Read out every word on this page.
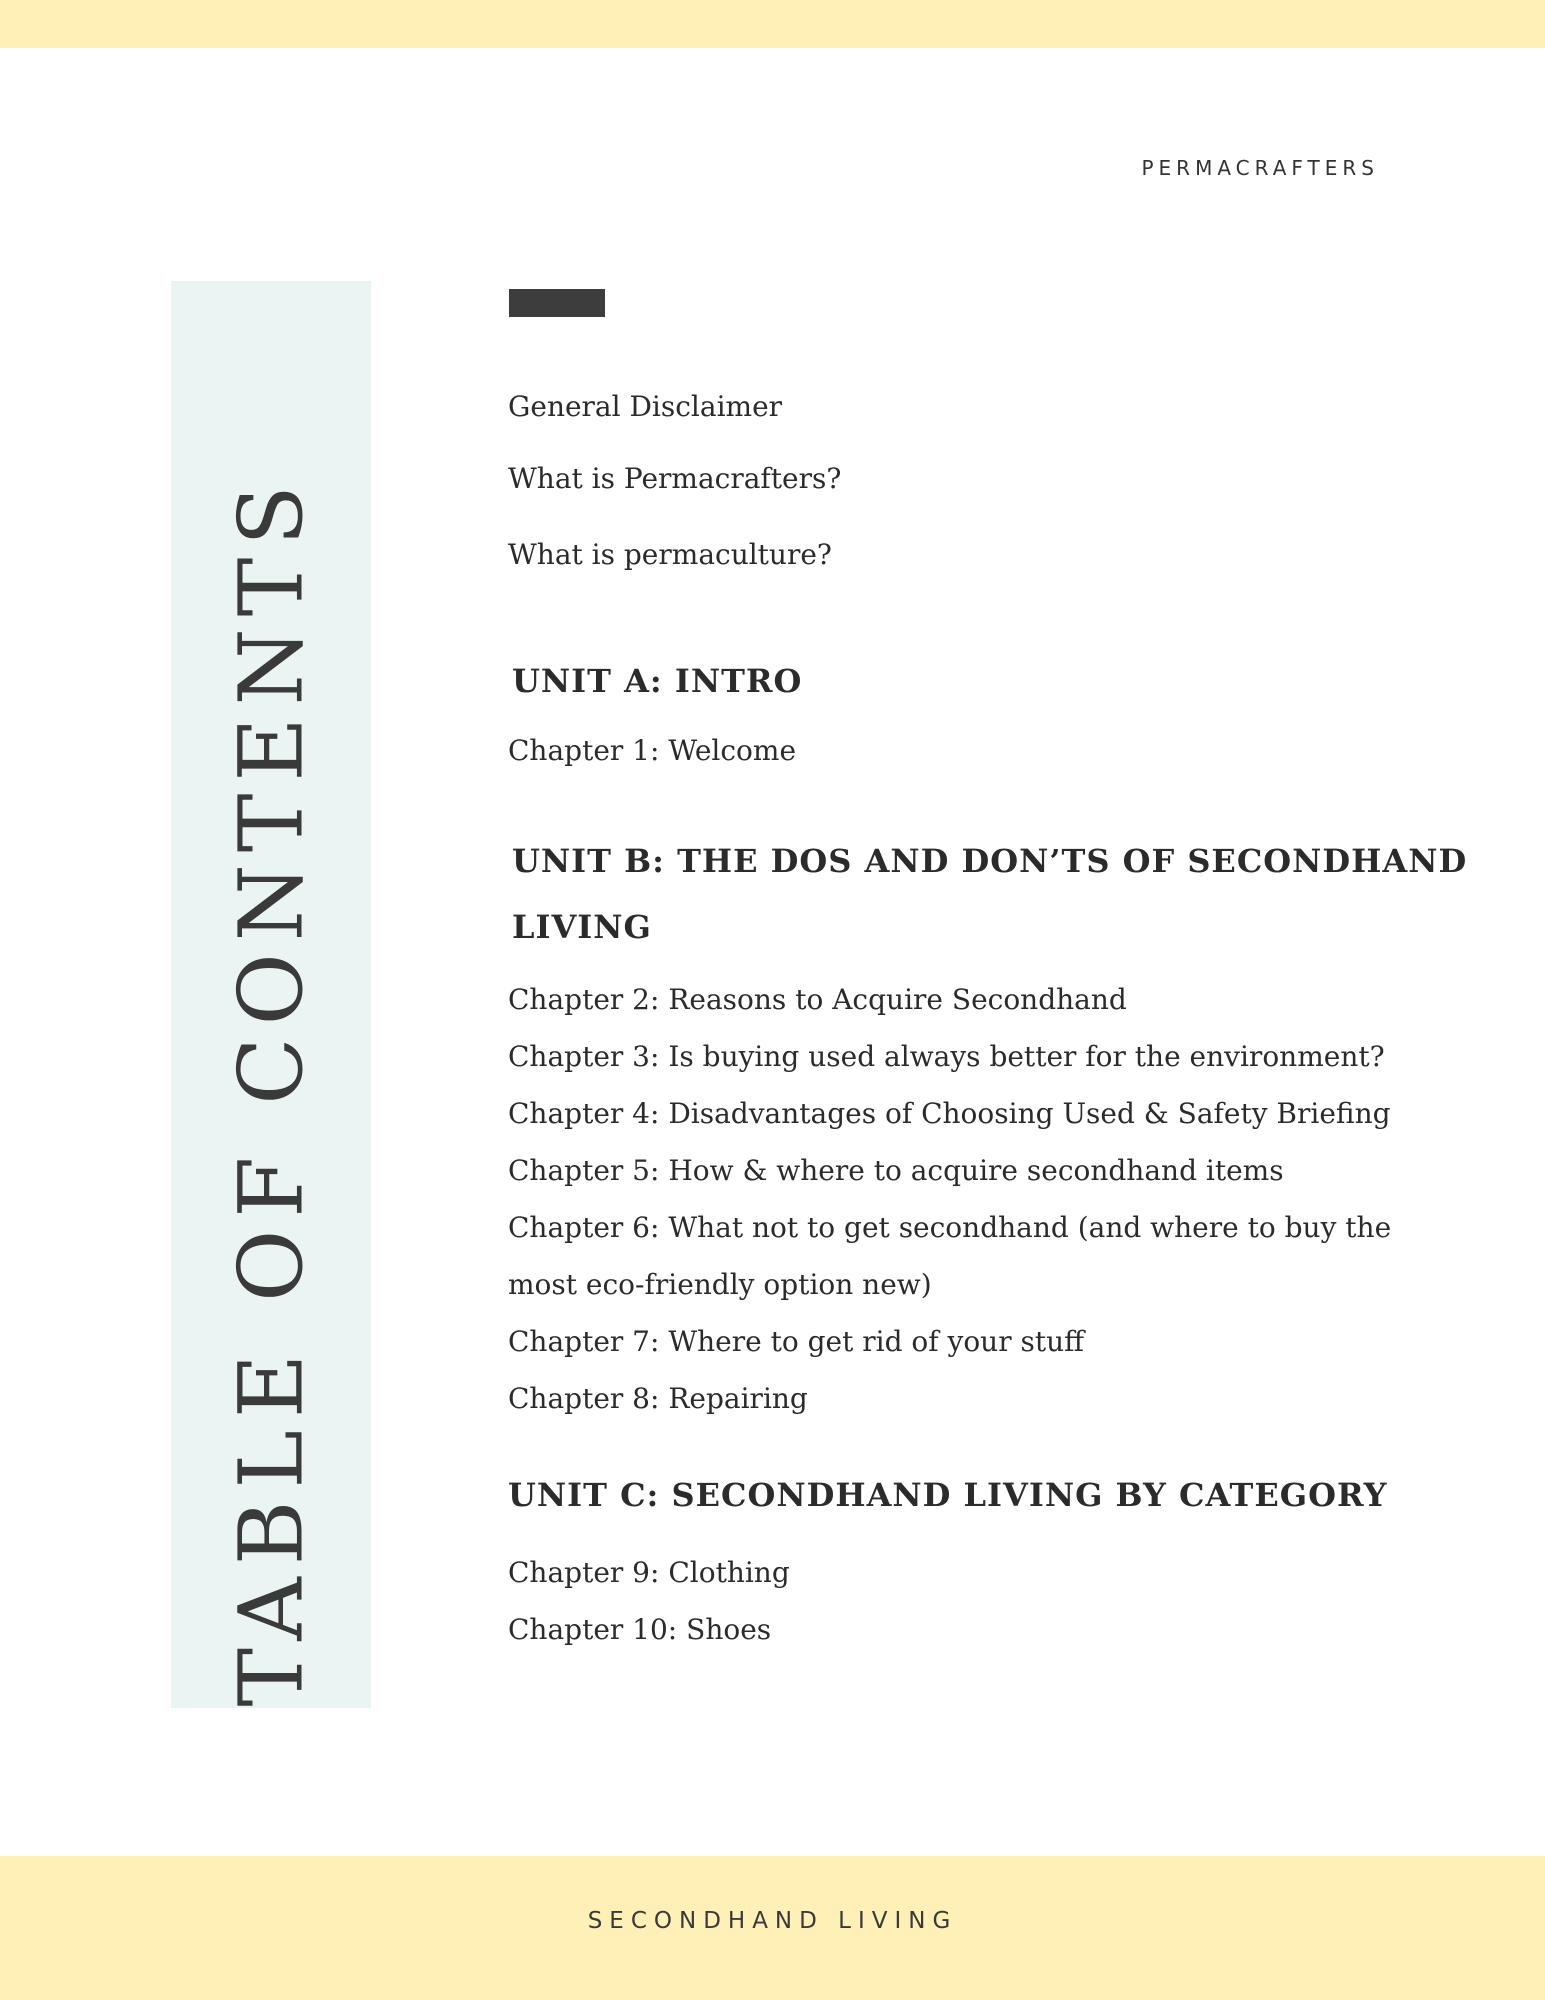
PERMACRAFTERS
TABLE OF CONTENTS
General Disclaimer
What is Permacrafters?
What is permaculture?
UNIT A: INTRO
Chapter 1: Welcome
UNIT B: THE DOS AND DON’TS OF SECONDHAND
LIVING
Chapter 2: Reasons to Acquire Secondhand
Chapter 3: Is buying used always better for the environment?
Chapter 4: Disadvantages of Choosing Used & Safety Briefing
Chapter 5: How & where to acquire secondhand items
Chapter 6: What not to get secondhand (and where to buy the
most eco-friendly option new)
Chapter 7: Where to get rid of your stuff
Chapter 8: Repairing
UNIT C: SECONDHAND LIVING BY CATEGORY
Chapter 9: Clothing
Chapter 10: Shoes
SECONDHAND LIVING
